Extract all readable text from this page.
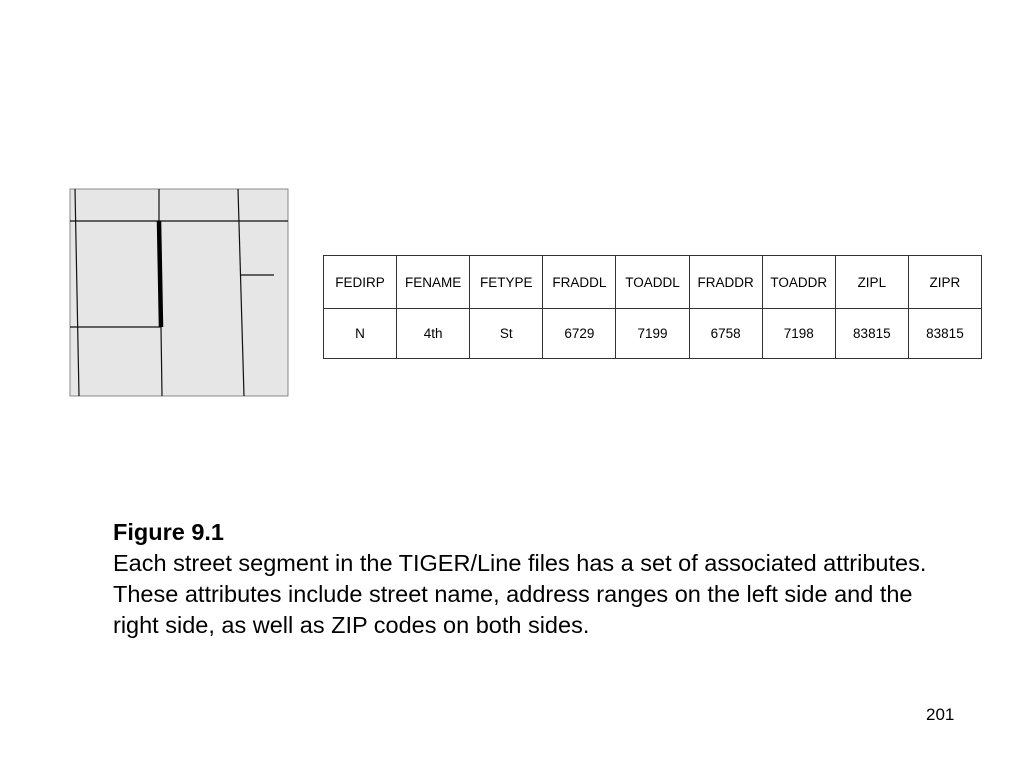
FEDIRP	FENAME	FETYPE	FRADDL	TOADDL	FRADDR	TOADDR	ZIPL	ZIPR
N	4th	St	6729	7199	6758	7198	83815	83815
Figure 9.1
Each street segment in the TIGER/Line files has a set of associated attributes. These attributes include street name, address ranges on the left side and the right side, as well as ZIP codes on both sides.
201
